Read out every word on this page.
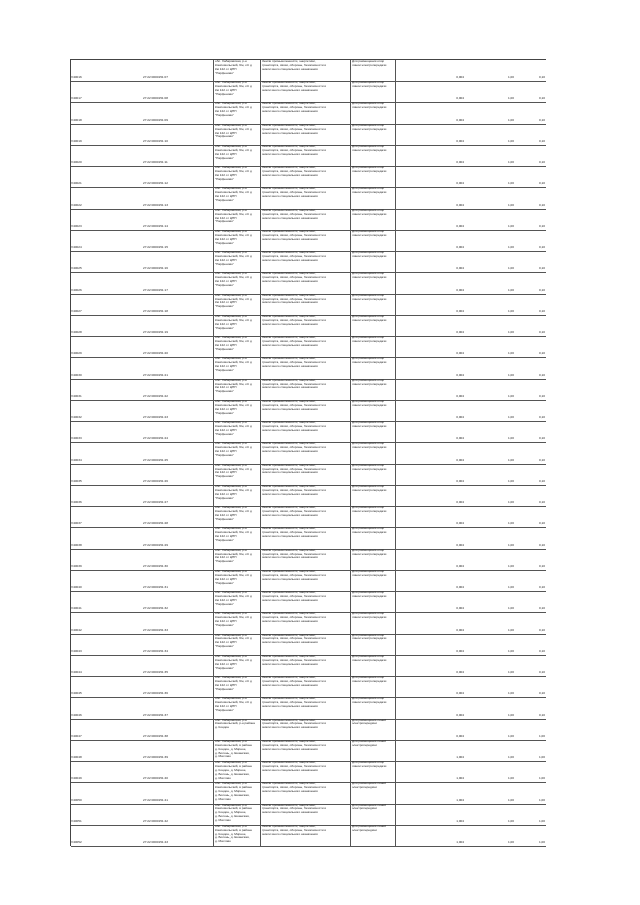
V40016	27:22:0000151:07
обл. Хабаровская, р-н
Комсомольский, 6/н, с/с д
Км 122 от ЦНП
"Парфеново"
Земли промышленности, энергетики,
транспорта, связи, обороны, безопасности и
земли иного специального назначения
Для размещения опор
линии электропередачи
0,004	1,00	0,10
V40017	27:22:0000151:08
обл. Хабаровская, р-н
Комсомольский, 6/н, с/с д
Км 122 от ЦНП
"Парфеново"
Земли промышленности, энергетики,
транспорта, связи, обороны, безопасности и
земли иного специального назначения
Для размещения опор
линии электропередачи
0,004	1,00	0,10
V40018	27:22:0000151:09
обл. Хабаровская, р-н
Комсомольский, 6/н, с/с д
Км 122 от ЦНП
"Парфеново"
Земли промышленности, энергетики,
транспорта, связи, обороны, безопасности и
земли иного специального назначения
Для размещения опор
линии электропередачи
0,004	1,00	0,10
V40019	27:22:0000151:10
обл. Хабаровская, р-н
Комсомольский, 6/н, с/с д
Км 122 от ЦНП
"Парфеново"
Земли промышленности, энергетики,
транспорта, связи, обороны, безопасности и
земли иного специального назначения
Для размещения опор
линии электропередачи
0,004	1,00	0,10
V40020	27:22:0000151:11
обл. Хабаровская, р-н
Комсомольский, 6/н, с/с д
Км 122 от ЦНП
"Парфеново"
Земли промышленности, энергетики,
транспорта, связи, обороны, безопасности и
земли иного специального назначения
Для размещения опор
линии электропередачи
0,004	1,00	0,10
V40021	27:22:0000151:12
обл. Хабаровская, р-н
Комсомольский, 6/н, с/с д
Км 122 от ЦНП
"Парфеново"
Земли промышленности, энергетики,
транспорта, связи, обороны, безопасности и
земли иного специального назначения
Для размещения опор
линии электропередачи
0,004	1,00	0,10
V40022	27:22:0000151:13
обл. Хабаровская, р-н
Комсомольский, 6/н, с/с д
Км 122 от ЦНП
"Парфеново"
Земли промышленности, энергетики,
транспорта, связи, обороны, безопасности и
земли иного специального назначения
Для размещения опор
линии электропередачи
0,004	1,00	0,10
V40023	27:22:0000151:14
обл. Хабаровская, р-н
Комсомольский, 6/н, с/с д
Км 122 от ЦНП
"Парфеново"
Земли промышленности, энергетики,
транспорта, связи, обороны, безопасности и
земли иного специального назначения
Для размещения опор
линии электропередачи
0,004	1,00	0,10
V40024	27:22:0000151:15
обл. Хабаровская, р-н
Комсомольский, 6/н, с/с д
Км 122 от ЦНП
"Парфеново"
Земли промышленности, энергетики,
транспорта, связи, обороны, безопасности и
земли иного специального назначения
Для размещения опор
линии электропередачи
0,004	1,00	0,10
V40025	27:22:0000151:16
обл. Хабаровская, р-н
Комсомольский, 6/н, с/с д
Км 122 от ЦНП
"Парфеново"
Земли промышленности, энергетики,
транспорта, связи, обороны, безопасности и
земли иного специального назначения
Для размещения опор
линии электропередачи
0,004	1,00	0,10
V40026	27:22:0000151:17
обл. Хабаровская, р-н
Комсомольский, 6/н, с/с д
Км 122 от ЦНП
"Парфеново"
Земли промышленности, энергетики,
транспорта, связи, обороны, безопасности и
земли иного специального назначения
Для размещения опор
линии электропередачи
0,004	1,00	0,10
V40027	27:22:0000151:18
обл. Хабаровская, р-н
Комсомольский, 6/н, с/с д
Км 122 от ЦНП
"Парфеново"
Земли промышленности, энергетики,
транспорта, связи, обороны, безопасности и
земли иного специального назначения
Для размещения опор
линии электропередачи
0,004	1,00	0,10
V40028	27:22:0000151:19
обл. Хабаровская, р-н
Комсомольский, 6/н, с/с д
Км 122 от ЦНП
"Парфеново"
Земли промышленности, энергетики,
транспорта, связи, обороны, безопасности и
земли иного специального назначения
Для размещения опор
линии электропередачи
0,004	1,00	0,10
V40029	27:22:0000151:20
обл. Хабаровская, р-н
Комсомольский, 6/н, с/с д
Км 122 от ЦНП
"Парфеново"
Земли промышленности, энергетики,
транспорта, связи, обороны, безопасности и
земли иного специального назначения
Для размещения опор
линии электропередачи
0,004	1,00	0,10
V40030	27:22:0000151:21
обл. Хабаровская, р-н
Комсомольский, 6/н, с/с д
Км 122 от ЦНП
"Парфеново"
Земли промышленности, энергетики,
транспорта, связи, обороны, безопасности и
земли иного специального назначения
Для размещения опор
линии электропередачи
0,004	1,00	0,10
V40031	27:22:0000151:22
обл. Хабаровская, р-н
Комсомольский, 6/н, с/с д
Км 122 от ЦНП
"Парфеново"
Земли промышленности, энергетики,
транспорта, связи, обороны, безопасности и
земли иного специального назначения
Для размещения опор
линии электропередачи
0,004	1,00	0,10
V40032	27:22:0000151:23
обл. Хабаровская, р-н
Комсомольский, 6/н, с/с д
Км 122 от ЦНП
"Парфеново"
Земли промышленности, энергетики,
транспорта, связи, обороны, безопасности и
земли иного специального назначения
Для размещения опор
линии электропередачи
0,004	1,00	0,10
V40033	27:22:0000151:24
обл. Хабаровская, р-н
Комсомольский, 6/н, с/с д
Км 122 от ЦНП
"Парфеново"
Земли промышленности, энергетики,
транспорта, связи, обороны, безопасности и
земли иного специального назначения
Для размещения опор
линии электропередачи
0,004	1,00	0,10
V40034	27:22:0000151:25
обл. Хабаровская, р-н
Комсомольский, 6/н, с/с д
Км 122 от ЦНП
"Парфеново"
Земли промышленности, энергетики,
транспорта, связи, обороны, безопасности и
земли иного специального назначения
Для размещения опор
линии электропередачи
0,004	1,00	0,10
V40035	27:22:0000151:26
обл. Хабаровская, р-н
Комсомольский, 6/н, с/с д
Км 122 от ЦНП
"Парфеново"
Земли промышленности, энергетики,
транспорта, связи, обороны, безопасности и
земли иного специального назначения
Для размещения опор
линии электропередачи
0,004	1,00	0,10
V40036	27:22:0000151:27
обл. Хабаровская, р-н
Комсомольский, 6/н, с/с д
Км 122 от ЦНП
"Парфеново"
Земли промышленности, энергетики,
транспорта, связи, обороны, безопасности и
земли иного специального назначения
Для размещения опор
линии электропередачи
0,004	1,00	0,10
V40037	27:22:0000151:28
обл. Хабаровская, р-н
Комсомольский, 6/н, с/с д
Км 122 от ЦНП
"Парфеново"
Земли промышленности, энергетики,
транспорта, связи, обороны, безопасности и
земли иного специального назначения
Для размещения опор
линии электропередачи
0,004	1,00	0,10
V40038	27:22:0000151:29
обл. Хабаровская, р-н
Комсомольский, 6/н, с/с д
Км 122 от ЦНП
"Парфеново"
Земли промышленности, энергетики,
транспорта, связи, обороны, безопасности и
земли иного специального назначения
Для размещения опор
линии электропередачи
0,004	1,00	0,10
V40039	27:22:0000151:30
обл. Хабаровская, р-н
Комсомольский, 6/н, с/с д
Км 122 от ЦНП
"Парфеново"
Земли промышленности, энергетики,
транспорта, связи, обороны, безопасности и
земли иного специального назначения
Для размещения опор
линии электропередачи
0,004	1,00	0,10
V40040	27:22:0000151:31
обл. Хабаровская, р-н
Комсомольский, 6/н, с/с д
Км 122 от ЦНП
"Парфеново"
Земли промышленности, энергетики,
транспорта, связи, обороны, безопасности и
земли иного специального назначения
Для размещения опор
линии электропередачи
0,004	1,00	0,10
V40041	27:22:0000151:32
обл. Хабаровская, р-н
Комсомольский, 6/н, с/с д
Км 122 от ЦНП
"Парфеново"
Земли промышленности, энергетики,
транспорта, связи, обороны, безопасности и
земли иного специального назначения
Для размещения опор
линии электропередачи
0,004	1,00	0,10
V40042	27:22:0000151:33
обл. Хабаровская, р-н
Комсомольский, 6/н, с/с д
Км 122 от ЦНП
"Парфеново"
Земли промышленности, энергетики,
транспорта, связи, обороны, безопасности и
земли иного специального назначения
Для размещения опор
линии электропередачи
0,004	1,00	0,10
V40043	27:22:0000151:34
обл. Хабаровская, р-н
Комсомольский, 6/н, с/с д
Км 122 от ЦНП
"Парфеново"
Земли промышленности, энергетики,
транспорта, связи, обороны, безопасности и
земли иного специального назначения
Для размещения опор
линии электропередачи
0,004	1,00	0,10
V40044	27:22:0000151:35
обл. Хабаровская, р-н
Комсомольский, 6/н, с/с д
Км 122 от ЦНП
"Парфеново"
Земли промышленности, энергетики,
транспорта, связи, обороны, безопасности и
земли иного специального назначения
Для размещения опор
линии электропередачи
0,004	1,00	0,10
V40045	27:22:0000151:36
обл. Хабаровская, р-н
Комсомольский, 6/н, с/с д
Км 122 от ЦНП
"Парфеново"
Земли промышленности, энергетики,
транспорта, связи, обороны, безопасности и
земли иного специального назначения
Для размещения опор
линии электропередачи
0,004	1,00	0,10
V40046	27:22:0000151:37
обл. Хабаровская, р-н
Комсомольский, 6/н, с/с д
Км 122 от ЦНП
"Парфеново"
Земли промышленности, энергетики,
транспорта, связи, обороны, безопасности и
земли иного специального назначения
Для размещения опор
линии электропередачи
0,004	1,00	0,10
V40047	27:22:0000151:38
обл. Хабаровская, р-н
Комсомольский, р-н района
д. Кондон
Земли промышленности, энергетики,
транспорта, связи, обороны, безопасности и
земли иного специального назначения
Для размещения линий
электропередачи
0,004	1,00	1,00
V40048	27:22:0000151:39
обл. Хабаровская, р-н
Комсомольский, в районе
д. Кондон, д. Мирное,
д. Болонь, д. Ешанская,
д. Мачтово
Земли промышленности, энергетики,
транспорта, связи, обороны, безопасности и
земли иного специального назначения
Для размещения линий
электропередачи
1,004	1,00	1,00
V40049	27:22:0000151:40
обл. Хабаровская, р-н
Комсомольский, в районе
д. Кондон, д. Мирное,
д. Болонь, д. Ешанская,
д. Мачтово
Земли промышленности, энергетики,
транспорта, связи, обороны, безопасности и
земли иного специального назначения
Для размещения опор
линии электропередачи
1,004	1,00	1,00
V40050	27:22:0000151:41
обл. Хабаровская, р-н
Комсомольский, в районе
д. Кондон, д. Мирное,
д. Болонь, д. Ешанская,
д. Мачтово
Земли промышленности, энергетики,
транспорта, связи, обороны, безопасности и
земли иного специального назначения
Для размещения линий
электропередачи
1,004	1,00	1,00
V40051	27:22:0000151:42
обл. Хабаровская, р-н
Комсомольский, в районе
д. Кондон, д. Мирное,
д. Болонь, д. Ешанская,
д. Мачтово
Земли промышленности, энергетики,
транспорта, связи, обороны, безопасности и
земли иного специального назначения
Для размещения линий
электропередачи
1,004	1,00	1,00
V40052	27:22:0000151:43
обл. Хабаровская, р-н
Комсомольский, в районе
д. Кондон, д. Мирное,
д. Болонь, д. Ешанская,
д. Мачтово
Земли промышленности, энергетики,
транспорта, связи, обороны, безопасности и
земли иного специального назначения
Для размещения линий
электропередачи
1,004	1,00	1,00
